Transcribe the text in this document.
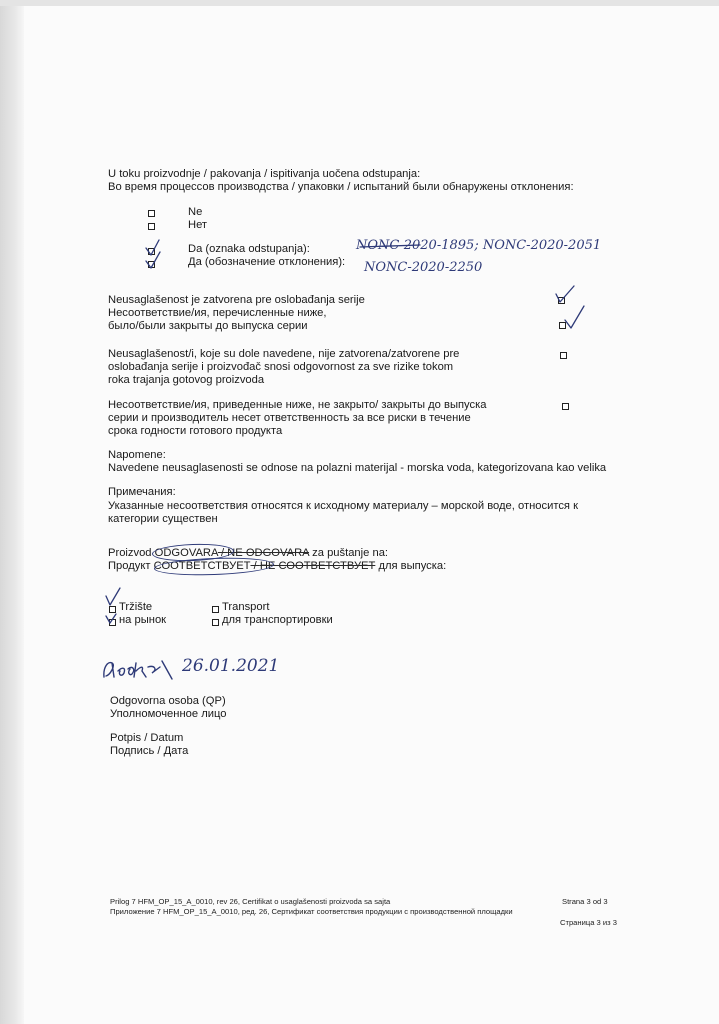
U toku proizvodnje / pakovanja / ispitivanja uočena odstupanja:
Во время процессов производства / упаковки / испытаний были обнаружены отклонения:
Ne
Нет
Da (oznaka odstupanja):
Да (обозначение отклонения):
NONC-2020-1895; NONC-2020-2051
NONC-2020-2250
Neusaglašenost je zatvorena pre oslobađanja serije
Несоответствие/ия, перечисленные ниже,
было/были закрыты до выпуска серии
Neusaglašenost/i, koje su dole navedene, nije zatvorena/zatvorene pre
oslobađanja serije i proizvođač snosi odgovornost za sve rizike tokom
roka trajanja gotovog proizvoda
Несоответствие/ия, приведенные ниже, не закрыто/ закрыты до выпуска
серии и производитель несет ответственность за все риски в течение
срока годности готового продукта
Napomene:
Navedene neusaglasenosti se odnose na polazni materijal - morska voda, kategorizovana kao velika
Примечания:
Указанные несоответствия относятся к исходному материалу – морской воде, относится к
категории существен
Proizvod ODGOVARA / NE ODGOVARA za puštanje na:
Продукт СООТВЕТСТВУЕТ / НЕ СООТВЕТСТВУЕТ для выпуска:
Tržište
на рынок
Transport
для транспортировки
26.01.2021
Odgovorna osoba (QP)
Уполномоченное лицо
Potpis / Datum
Подпись / Дата
Prilog 7 HFM_OP_15_A_0010, rev 26, Certifikat o usaglašenosti proizvoda sa sajta
Приложение 7 HFM_OP_15_A_0010, ред. 26, Сертификат соответствия продукции с производственной площадки
Strana 3 od 3
Страница 3 из 3
